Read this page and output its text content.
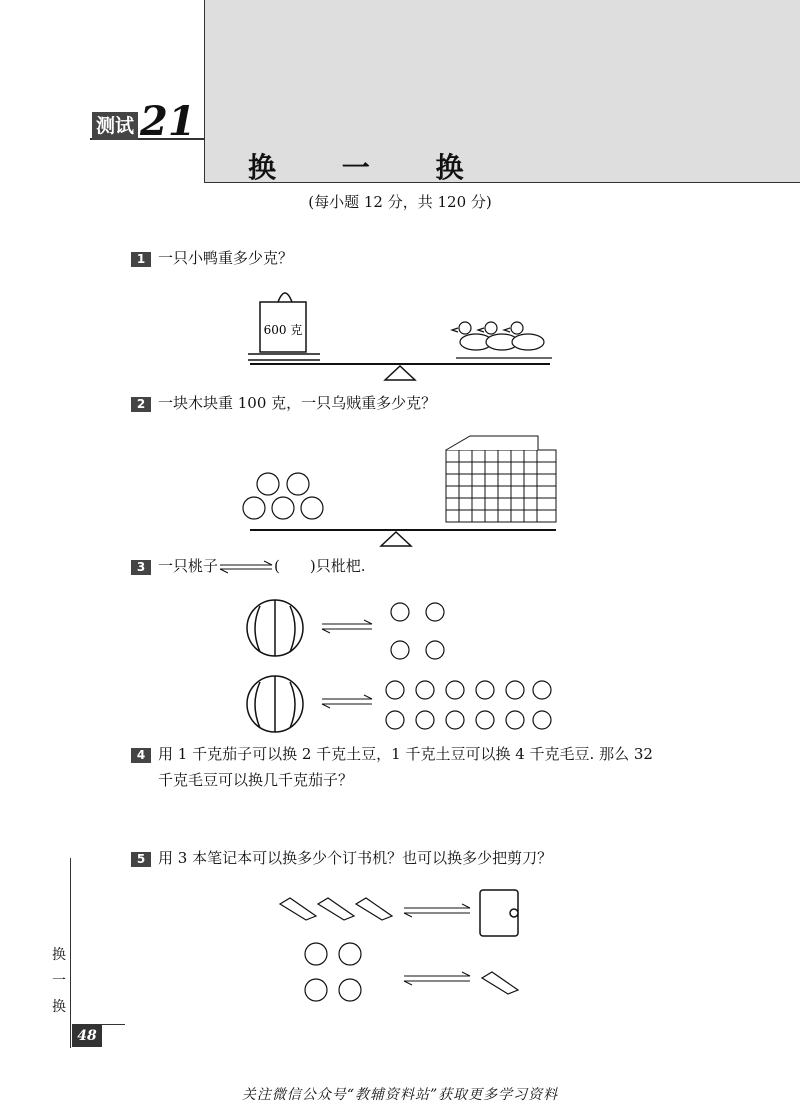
测试 21
换 一 换
(每小题 12 分，共 120 分)
1 一只小鸭重多少克？
600 克
2 一块木块重 100 克，一只乌贼重多少克？
3 一只桃子	(　　)只枇杷.
4 用 1 千克茄子可以换 2 千克土豆，1 千克土豆可以换 4 千克毛豆. 那么 32
千克毛豆可以换几千克茄子？
5 用 3 本笔记本可以换多少个订书机？也可以换多少把剪刀？
换
一
换
48
关注微信公众号“教辅资料站”获取更多学习资料
